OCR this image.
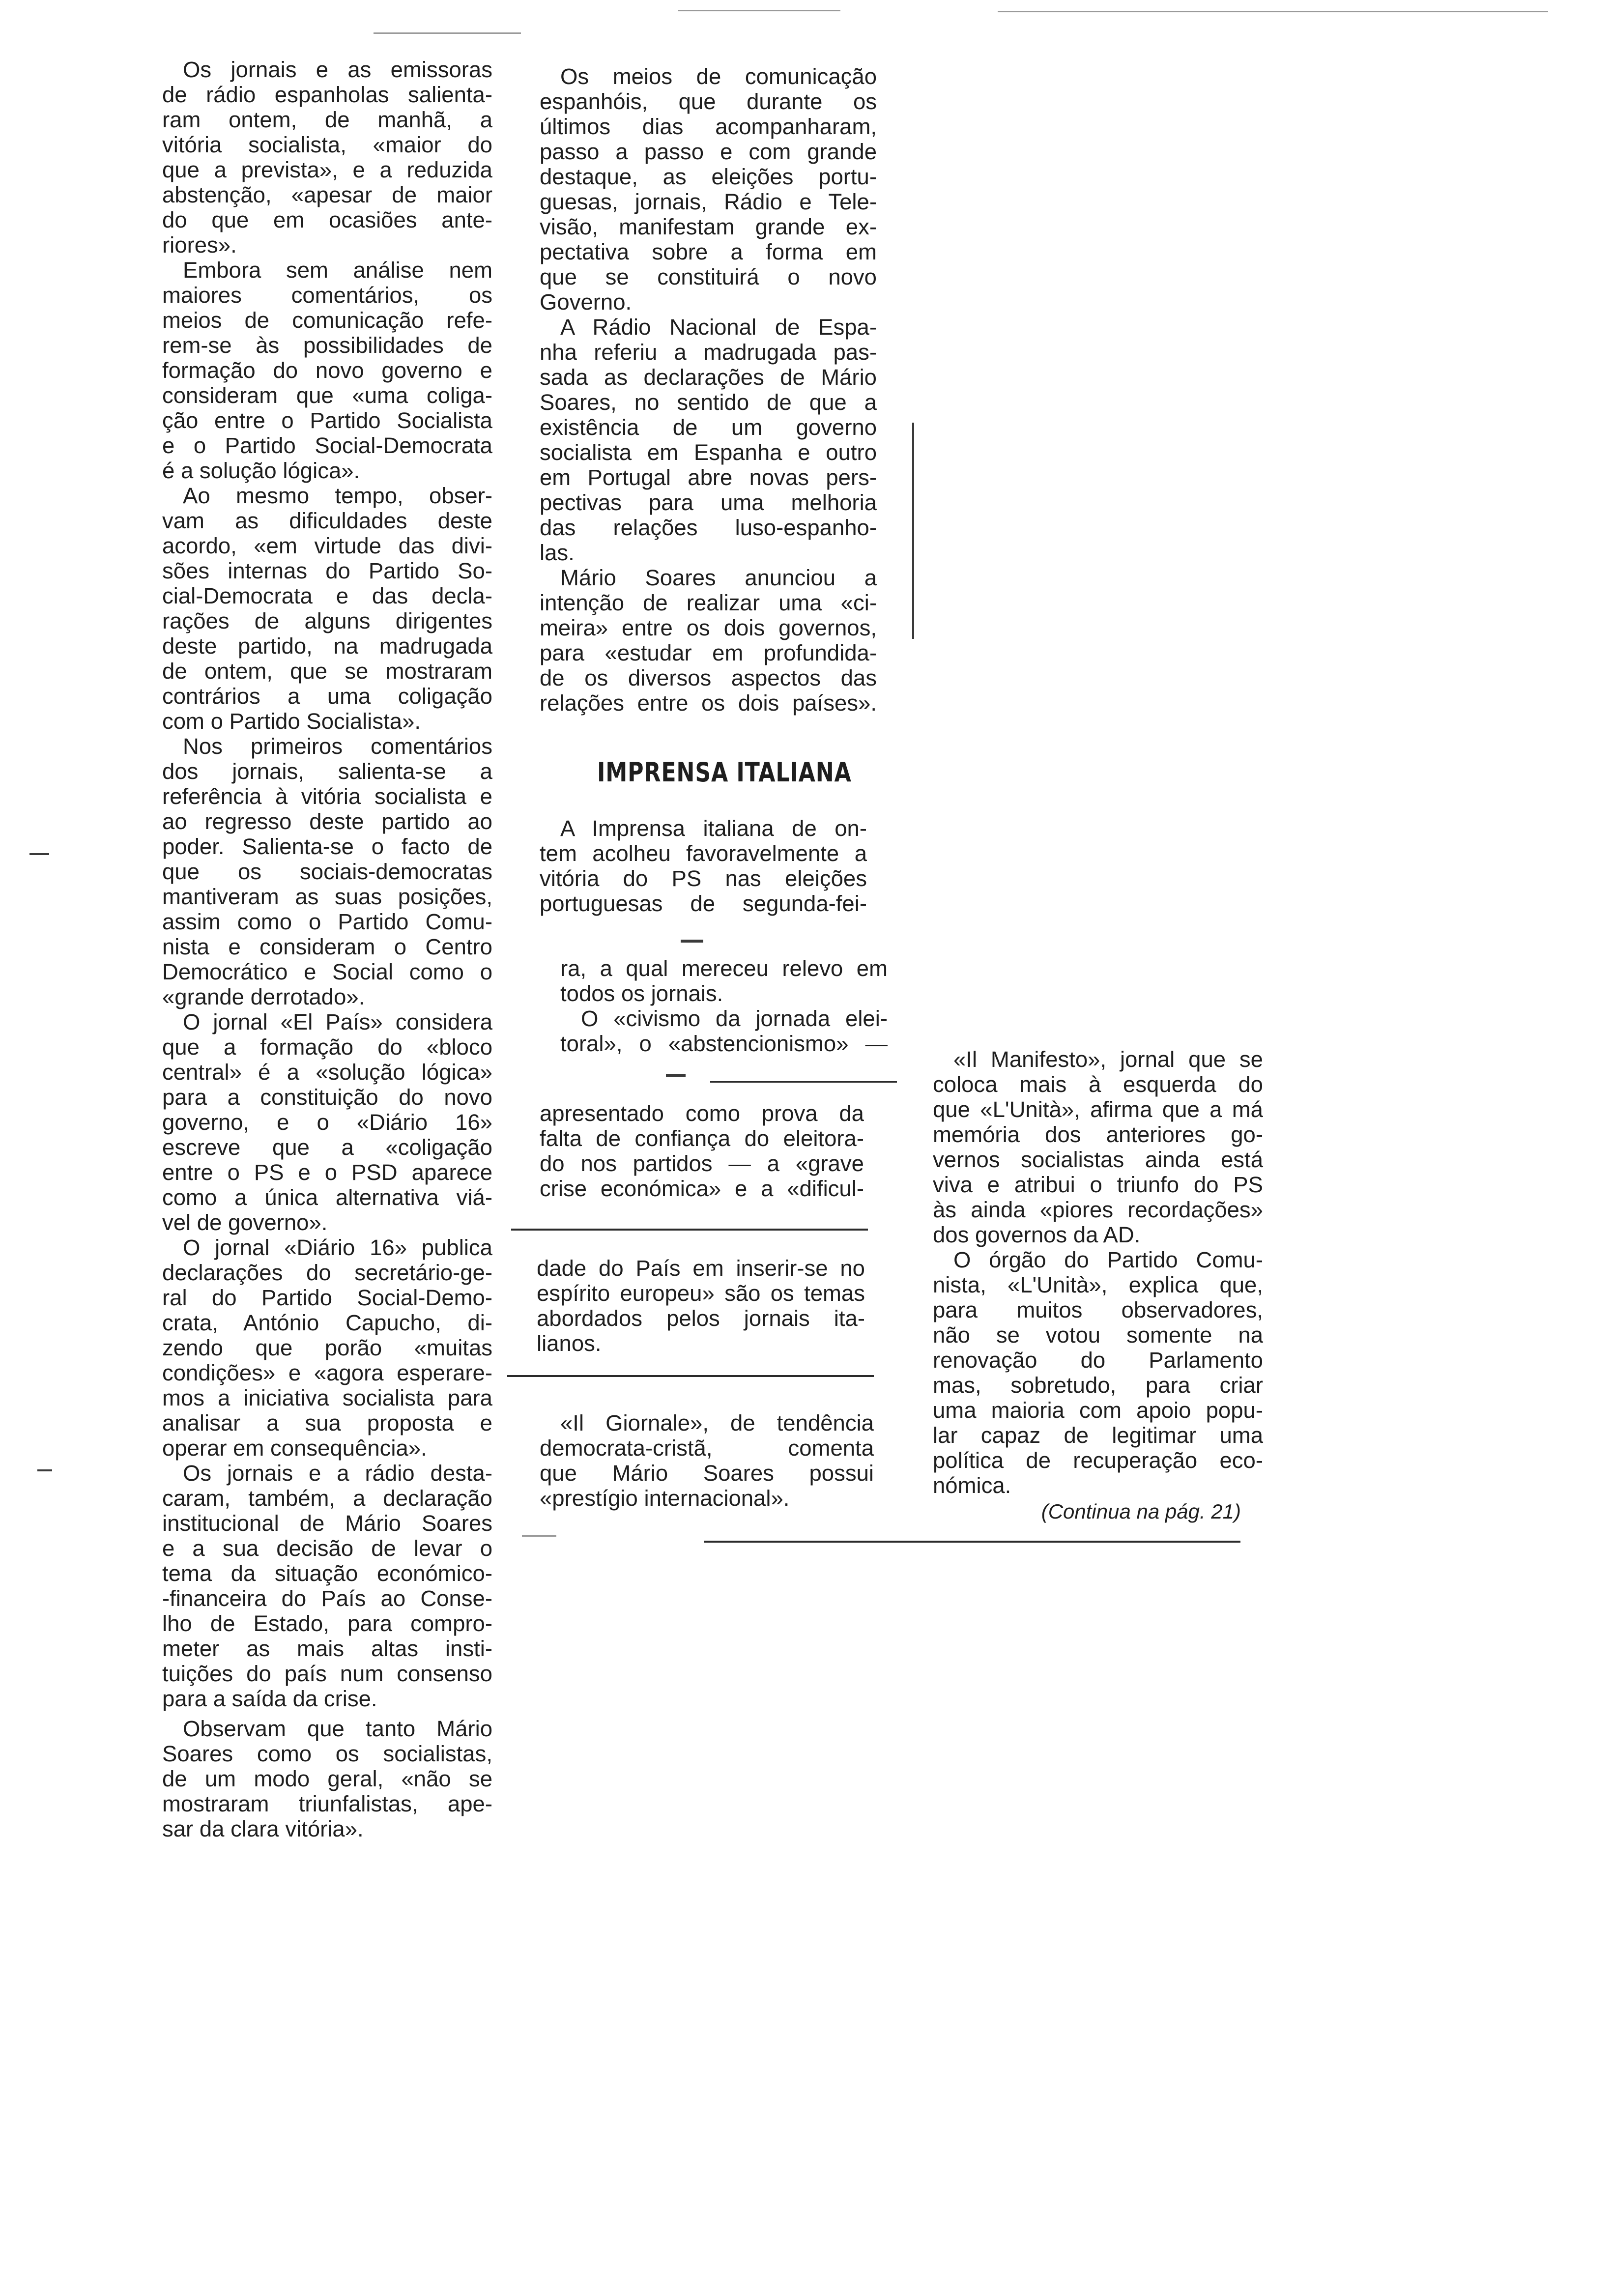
Os jornais e as emissoras
de rádio espanholas salienta-
ram ontem, de manhã, a
vitória socialista, «maior do
que a prevista», e a reduzida
abstenção, «apesar de maior
do que em ocasiões ante-
riores».

Embora sem análise nem
maiores comentários, os
meios de comunicação refe-
rem-se às possibilidades de
formação do novo governo e
consideram que «uma coliga-
ção entre o Partido Socialista
e o Partido Social-Democrata
é a solução lógica».

Ao mesmo tempo, obser-
vam as dificuldades deste
acordo, «em virtude das divi-
sões internas do Partido So-
cial-Democrata e das decla-
rações de alguns dirigentes
deste partido, na madrugada
de ontem, que se mostraram
contrários a uma coligação
com o Partido Socialista».

Nos primeiros comentários
dos jornais, salienta-se a
referência à vitória socialista e
ao regresso deste partido ao
poder. Salienta-se o facto de
que os sociais-democratas
mantiveram as suas posições,
assim como o Partido Comu-
nista e consideram o Centro
Democrático e Social como o
«grande derrotado».

O jornal «El País» considera
que a formação do «bloco
central» é a «solução lógica»
para a constituição do novo
governo, e o «Diário 16»
escreve que a «coligação
entre o PS e o PSD aparece
como a única alternativa viá-
vel de governo».

O jornal «Diário 16» publica
declarações do secretário-ge-
ral do Partido Social-Demo-
crata, António Capucho, di-
zendo que porão «muitas
condições» e «agora esperare-
mos a iniciativa socialista para
analisar a sua proposta e
operar em consequência».

Os jornais e a rádio desta-
caram, também, a declaração
institucional de Mário Soares
e a sua decisão de levar o
tema da situação económico-
-financeira do País ao Conse-
lho de Estado, para compro-
meter as mais altas insti-
tuições do país num consenso
para a saída da crise.

Observam que tanto Mário
Soares como os socialistas,
de um modo geral, «não se
mostraram triunfalistas, ape-
sar da clara vitória».

Os meios de comunicação
espanhóis, que durante os
últimos dias acompanharam,
passo a passo e com grande
destaque, as eleições portu-
guesas, jornais, Rádio e Tele-
visão, manifestam grande ex-
pectativa sobre a forma em
que se constituirá o novo
Governo.

A Rádio Nacional de Espa-
nha referiu a madrugada pas-
sada as declarações de Mário
Soares, no sentido de que a
existência de um governo
socialista em Espanha e outro
em Portugal abre novas pers-
pectivas para uma melhoria
das relações luso-espanho-
las.

Mário Soares anunciou a
intenção de realizar uma «ci-
meira» entre os dois governos,
para «estudar em profundida-
de os diversos aspectos das
relações entre os dois países».

IMPRENSA ITALIANA
A Imprensa italiana de on-
tem acolheu favoravelmente a
vitória do PS nas eleições
portuguesas de segunda-fei-
ra, a qual mereceu relevo em
todos os jornais.
O «civismo da jornada elei-
toral», o «abstencionismo» —
apresentado como prova da
falta de confiança do eleitora-
do nos partidos — a «grave
crise económica» e a «dificul-
dade do País em inserir-se no
espírito europeu» são os temas
abordados pelos jornais ita-
lianos.
«Il Giornale», de tendência
democrata-cristã, comenta
que Mário Soares possui
«prestígio internacional».

«Il Manifesto», jornal que se
coloca mais à esquerda do
que «L'Unità», afirma que a má
memória dos anteriores go-
vernos socialistas ainda está
viva e atribui o triunfo do PS
às ainda «piores recordações»
dos governos da AD.

O órgão do Partido Comu-
nista, «L'Unità», explica que,
para muitos observadores,
não se votou somente na
renovação do Parlamento
mas, sobretudo, para criar
uma maioria com apoio popu-
lar capaz de legitimar uma
política de recuperação eco-
nómica.

(Continua na pág. 21)
